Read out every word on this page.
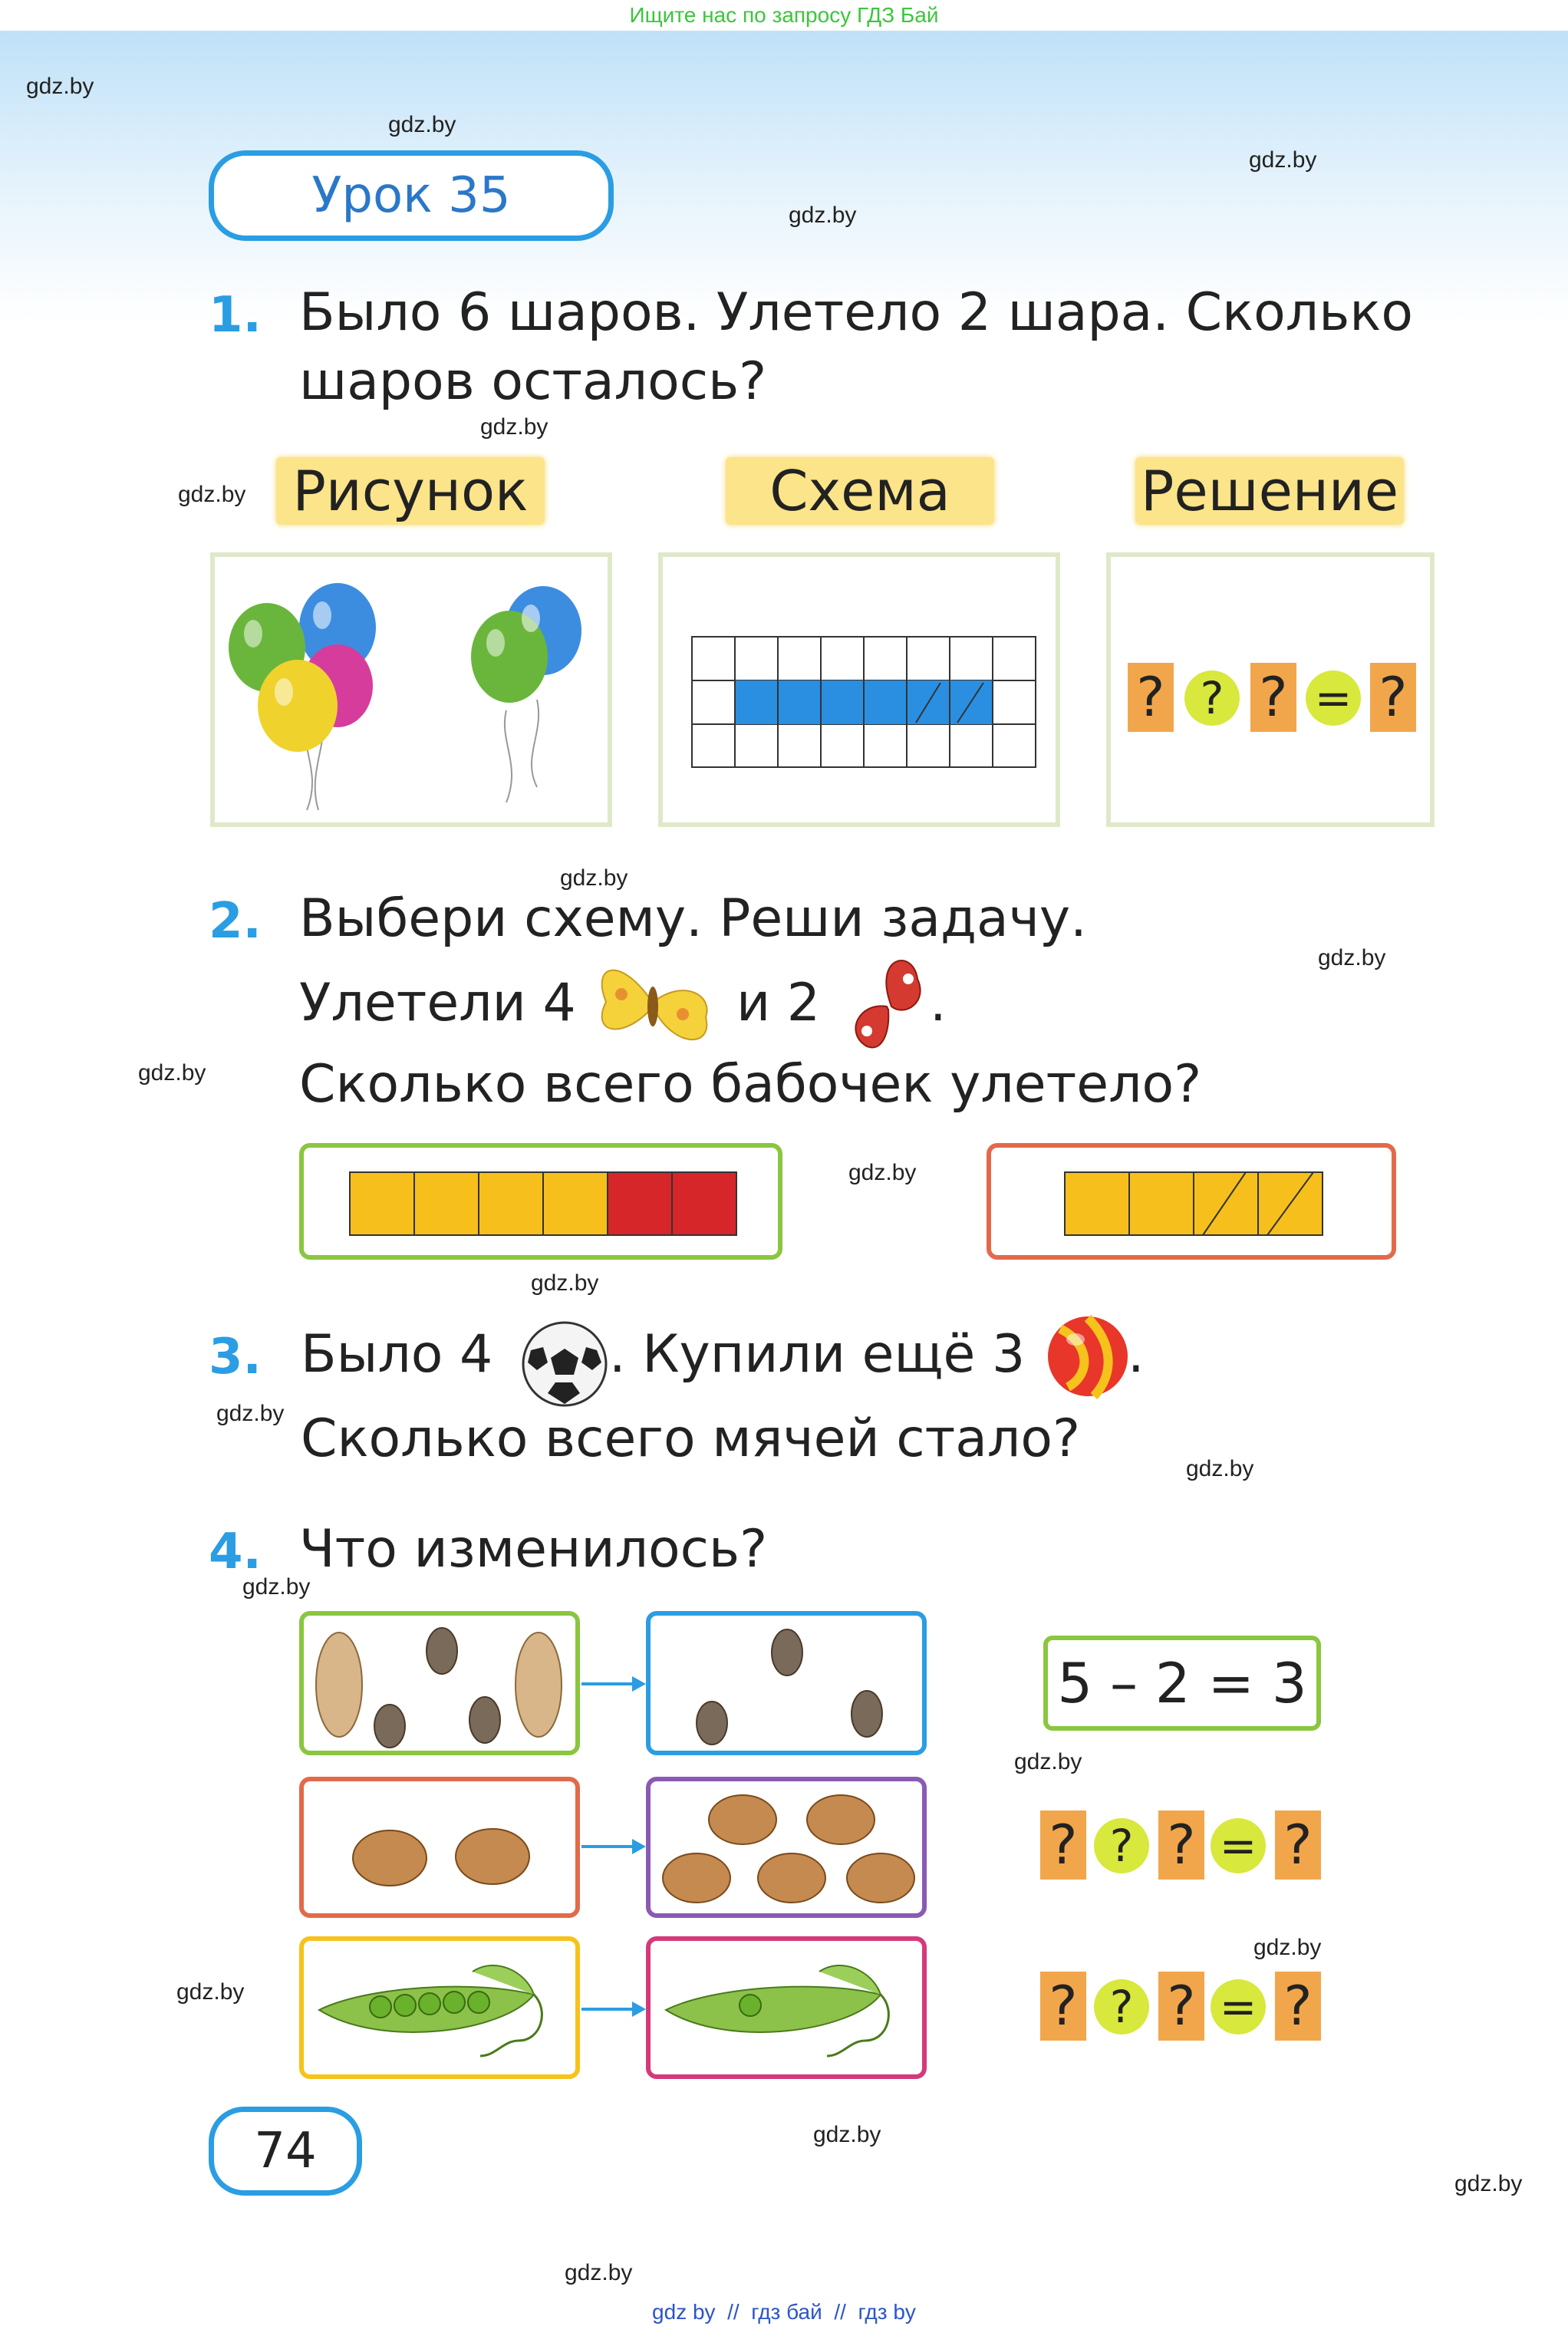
Ищите нас по запросу ГДЗ Бай
gdz.by
gdz.by
gdz.by
gdz.by
gdz.by
gdz.by
gdz.by
gdz.by
gdz.by
gdz.by
gdz.by
gdz.by
gdz.by
gdz.by
gdz.by
gdz.by
gdz.by
gdz.by
gdz.by
gdz.by
Урок 35
1. Было 6 шаров. Улетело 2 шара. Сколько
шаров осталось?
Рисунок	Схема	Решение
? ? ? = ?
2. Выбери схему. Реши задачу.
Улетели 4	и 2 .
Сколько всего бабочек улетело?
3. Было 4 . Купили ещё 3 .
Сколько всего мячей стало?
4. Что изменилось?
5 – 2 = 3
? ? ? = ?
? ? ? = ?
74
gdz by // гдз бай // гдз by
